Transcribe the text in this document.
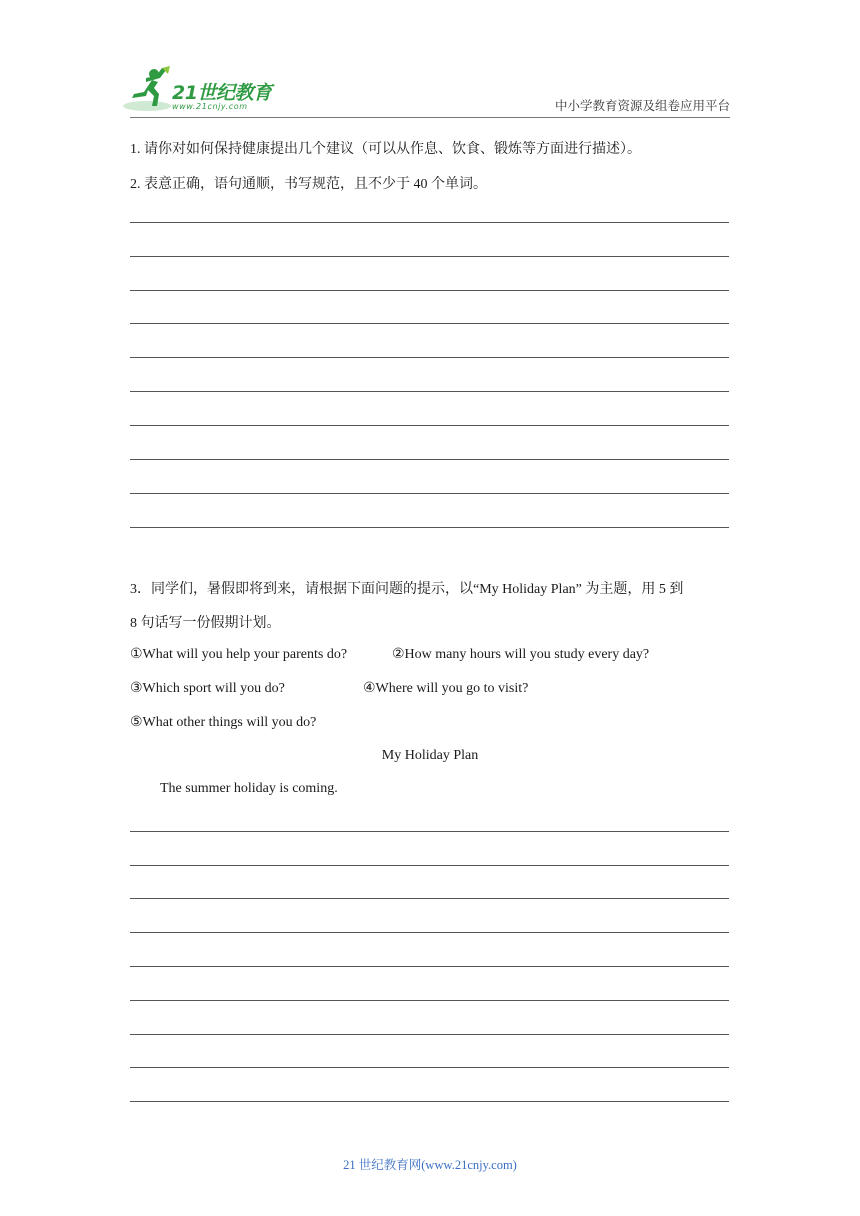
21世纪教育
www.21cnjy.com	中小学教育资源及组卷应用平台
1. 请你对如何保持健康提出几个建议（可以从作息、饮食、锻炼等方面进行描述）。
2. 表意正确，语句通顺，书写规范，且不少于 40 个单词。
3．同学们，暑假即将到来，请根据下面问题的提示，以“My Holiday Plan” 为主题，用 5 到
8 句话写一份假期计划。
①What will you help your parents do?	②How many hours will you study every day?
③Which sport will you do?	④Where will you go to visit?
⑤What other things will you do?
My Holiday Plan
The summer holiday is coming.
21 世纪教育网(www.21cnjy.com)
